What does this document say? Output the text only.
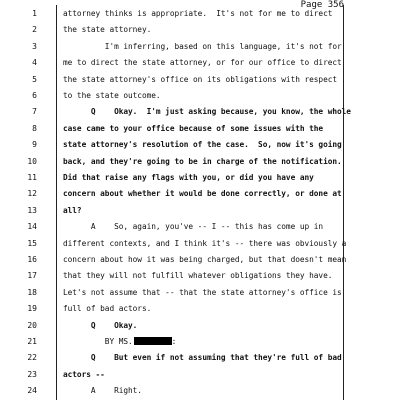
Page 356
1	attorney thinks is appropriate.  It's not for me to direct
2	the state attorney.
3	I'm inferring, based on this language, it's not for
4	me to direct the state attorney, or for our office to direct
5	the state attorney's office on its obligations with respect
6	to the state outcome.
7	Q    Okay.  I'm just asking because, you know, the whole
8	case came to your office because of some issues with the
9	state attorney's resolution of the case.  So, now it's going
10	back, and they're going to be in charge of the notification.
11	Did that raise any flags with you, or did you have any
12	concern about whether it would be done correctly, or done at
13	all?
14	A    So, again, you've -- I -- this has come up in
15	different contexts, and I think it's -- there was obviously a
16	concern about how it was being charged, but that doesn't mean
17	that they will not fulfill whatever obligations they have.
18	Let's not assume that -- that the state attorney's office is
19	full of bad actors.
20	Q    Okay.
21	BY MS.	:
22	Q    But even if not assuming that they're full of bad
23	actors --
24	A    Right.
